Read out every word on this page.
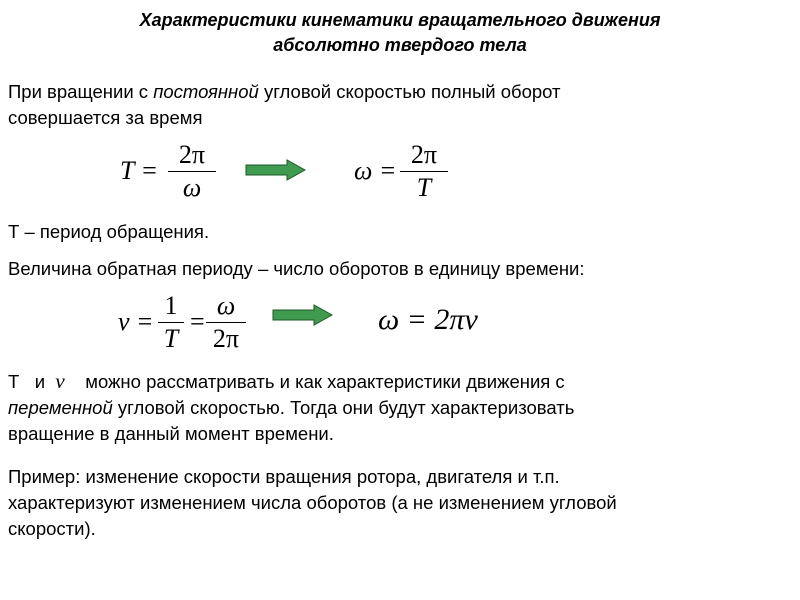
Характеристики кинематики вращательного движения
абсолютно твердого тела
При вращении с постоянной угловой скоростью полный оборот
совершается за время
T =
2π
ω
ω =
2π
T
Т – период обращения.
Величина обратная периоду – число оборотов в единицу времени:
ν =
1
T
=
ω
2π
ω = 2πν
Т и ν можно рассматривать и как характеристики движения с
переменной угловой скоростью. Тогда они будут характеризовать
вращение в данный момент времени.
Пример: изменение скорости вращения ротора, двигателя и т.п.
характеризуют изменением числа оборотов (а не изменением угловой
скорости).
